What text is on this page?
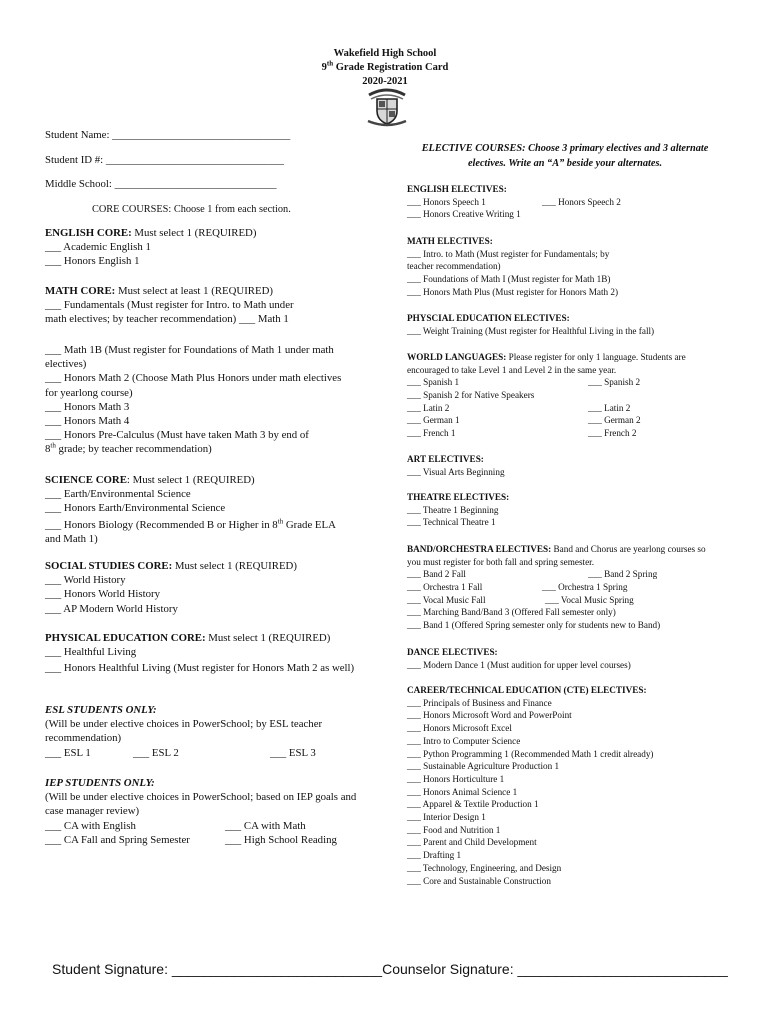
Wakefield High School
9th Grade Registration Card
2020-2021
Student Name: _________________________________
Student ID #: _________________________________
Middle School: ______________________________
CORE COURSES: Choose 1 from each section.
ENGLISH CORE: Must select 1 (REQUIRED)
___ Academic English 1
___ Honors English 1
MATH CORE: Must select at least 1 (REQUIRED)
___ Fundamentals (Must register for Intro. to Math under
math electives; by teacher recommendation) ___ Math 1
___ Math 1B (Must register for Foundations of Math 1 under math electives)
___ Honors Math 2 (Choose Math Plus Honors under math electives for yearlong course)
___ Honors Math 3
___ Honors Math 4
___ Honors Pre-Calculus (Must have taken Math 3 by end of
8th grade; by teacher recommendation)
SCIENCE CORE: Must select 1 (REQUIRED)
___ Earth/Environmental Science
___ Honors Earth/Environmental Science
___ Honors Biology (Recommended B or Higher in 8th Grade ELA and Math 1)
SOCIAL STUDIES CORE: Must select 1 (REQUIRED)
___ World History
___ Honors World History
___ AP Modern World History
PHYSICAL EDUCATION CORE: Must select 1 (REQUIRED)
___ Healthful Living
___ Honors Healthful Living (Must register for Honors Math 2 as well)
ESL STUDENTS ONLY:
(Will be under elective choices in PowerSchool; by ESL teacher recommendation)
___ ESL 1	___ ESL 2	___ ESL 3
IEP STUDENTS ONLY:
(Will be under elective choices in PowerSchool; based on IEP goals and case manager review)
___ CA with English	___ CA with Math
___ CA Fall and Spring Semester	___ High School Reading
ELECTIVE COURSES: Choose 3 primary electives and 3 alternate electives. Write an “A” beside your alternates.
ENGLISH ELECTIVES:
___ Honors Speech 1	___ Honors Speech 2
___ Honors Creative Writing 1
MATH ELECTIVES:
___ Intro. to Math (Must register for Fundamentals; by teacher recommendation)
___ Foundations of Math I (Must register for Math 1B)
___ Honors Math Plus (Must register for Honors Math 2)
PHYSCIAL EDUCATION ELECTIVES:
___ Weight Training (Must register for Healthful Living in the fall)
WORLD LANGUAGES: Please register for only 1 language. Students are encouraged to take Level 1 and Level 2 in the same year.
___ Spanish 1	___ Spanish 2
___ Spanish 2 for Native Speakers
___ Latin 2	___ Latin 2
___ German 1	___ German 2
___ French 1	___ French 2
ART ELECTIVES:
___ Visual Arts Beginning
THEATRE ELECTIVES:
___ Theatre 1 Beginning
___ Technical Theatre 1
BAND/ORCHESTRA ELECTIVES: Band and Chorus are yearlong courses so you must register for both fall and spring semester.
___ Band 2 Fall	___ Band 2 Spring
___ Orchestra 1 Fall	___ Orchestra 1 Spring
___ Vocal Music Fall	___ Vocal Music Spring
___ Marching Band/Band 3 (Offered Fall semester only)
___ Band 1 (Offered Spring semester only for students new to Band)
DANCE ELECTIVES:
___ Modern Dance 1 (Must audition for upper level courses)
CAREER/TECHNICAL EDUCATION (CTE) ELECTIVES:
___ Principals of Business and Finance
___ Honors Microsoft Word and PowerPoint
___ Honors Microsoft Excel
___ Intro to Computer Science
___ Python Programming 1 (Recommended Math 1 credit already)
___ Sustainable Agriculture Production 1
___ Honors Horticulture 1
___ Honors Animal Science 1
___ Apparel & Textile Production 1
___ Interior Design 1
___ Food and Nutrition 1
___ Parent and Child Development
___ Drafting 1
___ Technology, Engineering, and Design
___ Core and Sustainable Construction
Student Signature: ___________________________Counselor Signature: ___________________________
